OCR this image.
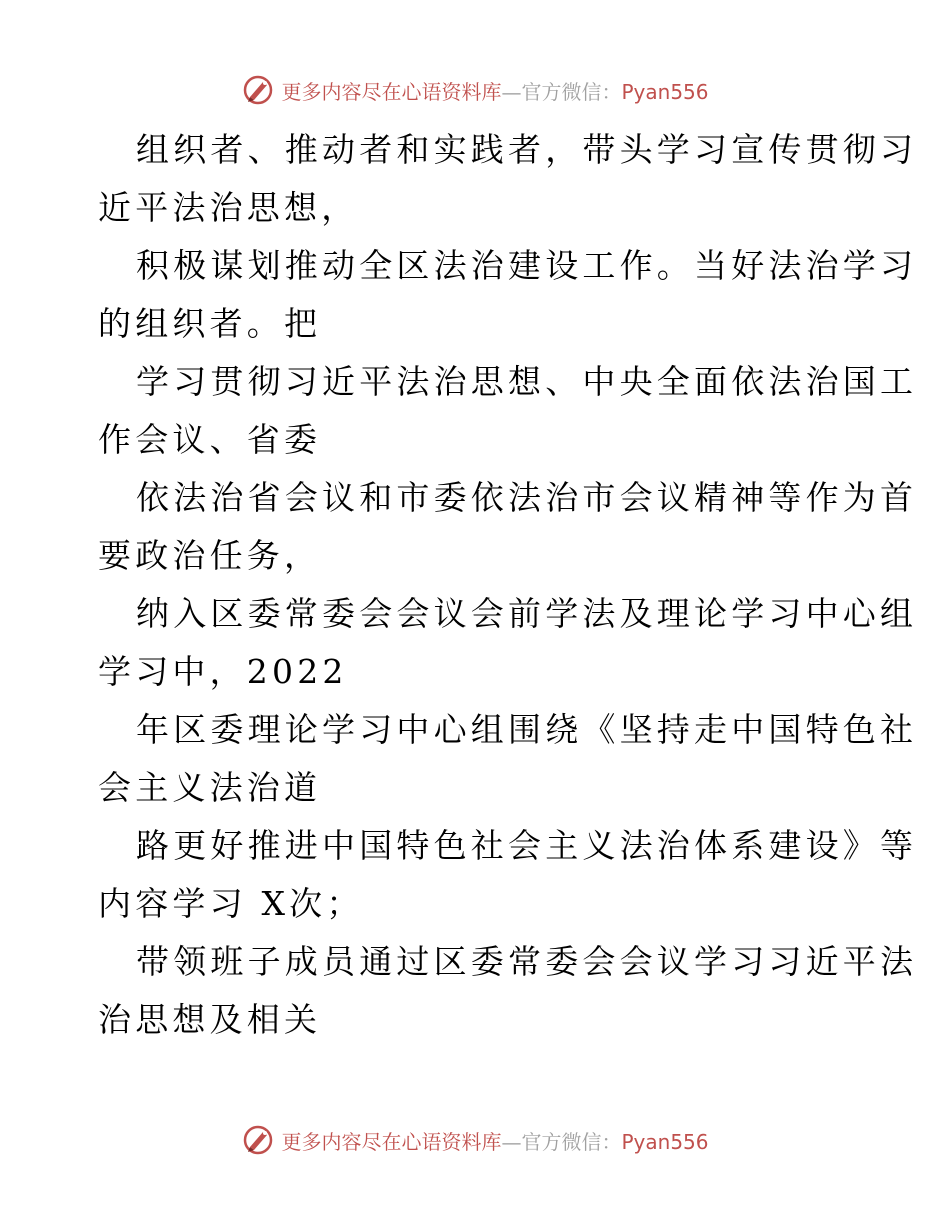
更多内容尽在心语资料库—官方微信：Pyan556

组织者、推动者和实践者，带头学习宣传贯彻习
近平法治思想，

积极谋划推动全区法治建设工作。当好法治学习
的组织者。把

学习贯彻习近平法治思想、中央全面依法治国工
作会议、省委

依法治省会议和市委依法治市会议精神等作为首
要政治任务，

纳入区委常委会会议会前学法及理论学习中心组
学习中，2022

年区委理论学习中心组围绕《坚持走中国特色社
会主义法治道

路更好推进中国特色社会主义法治体系建设》等
内容学习 X次；

带领班子成员通过区委常委会会议学习习近平法
治思想及相关

更多内容尽在心语资料库—官方微信：Pyan556
